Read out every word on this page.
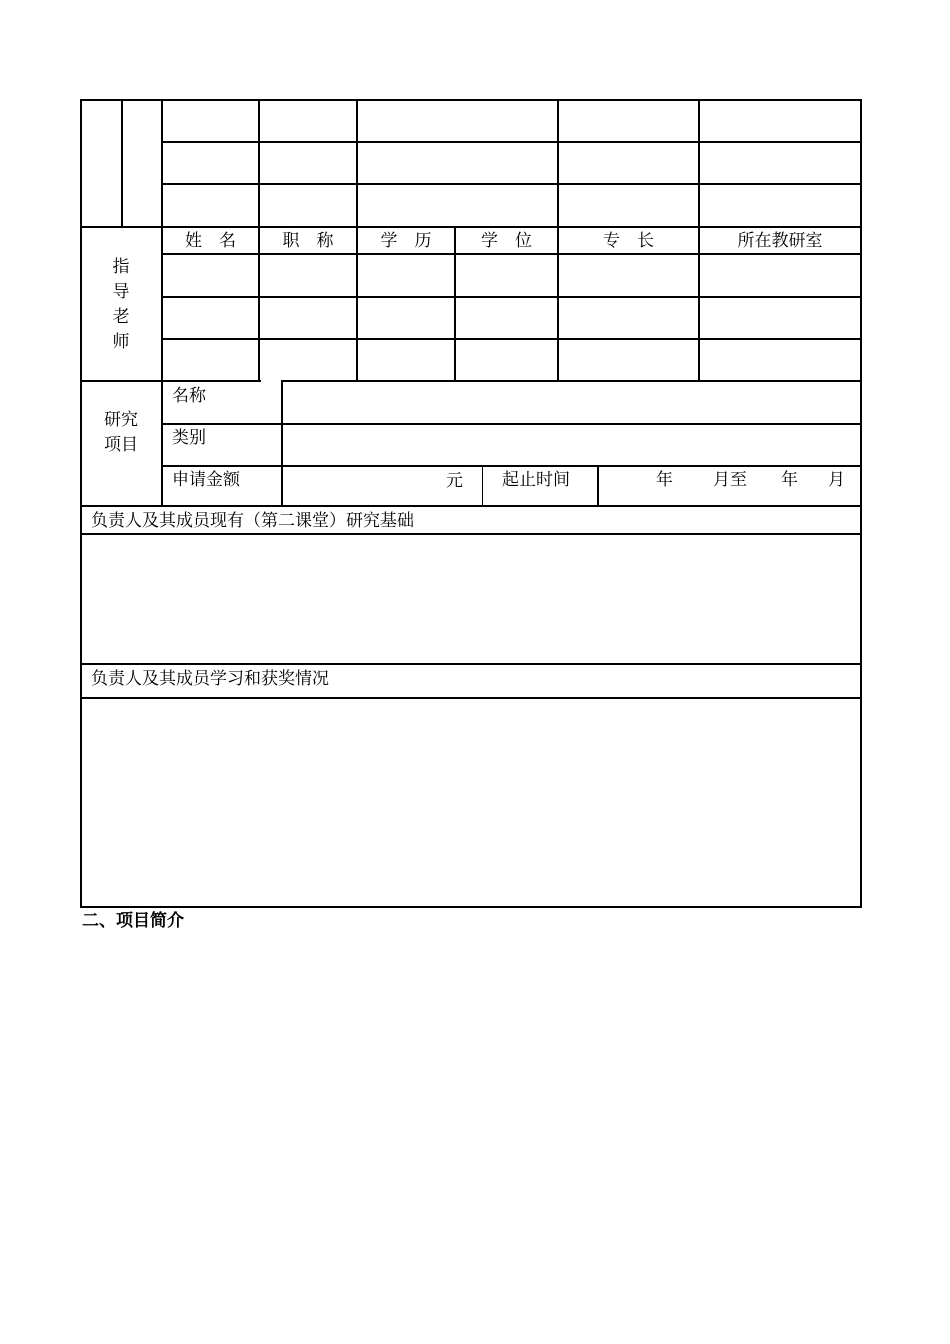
指导老师
姓　名	职　称	学　历	学　位	专　长	所在教研室
研究
项目
名称
类别
申请金额	元 起止时间	年 月至 年 月
负责人及其成员现有（第二课堂）研究基础
负责人及其成员学习和获奖情况
二、项目简介
